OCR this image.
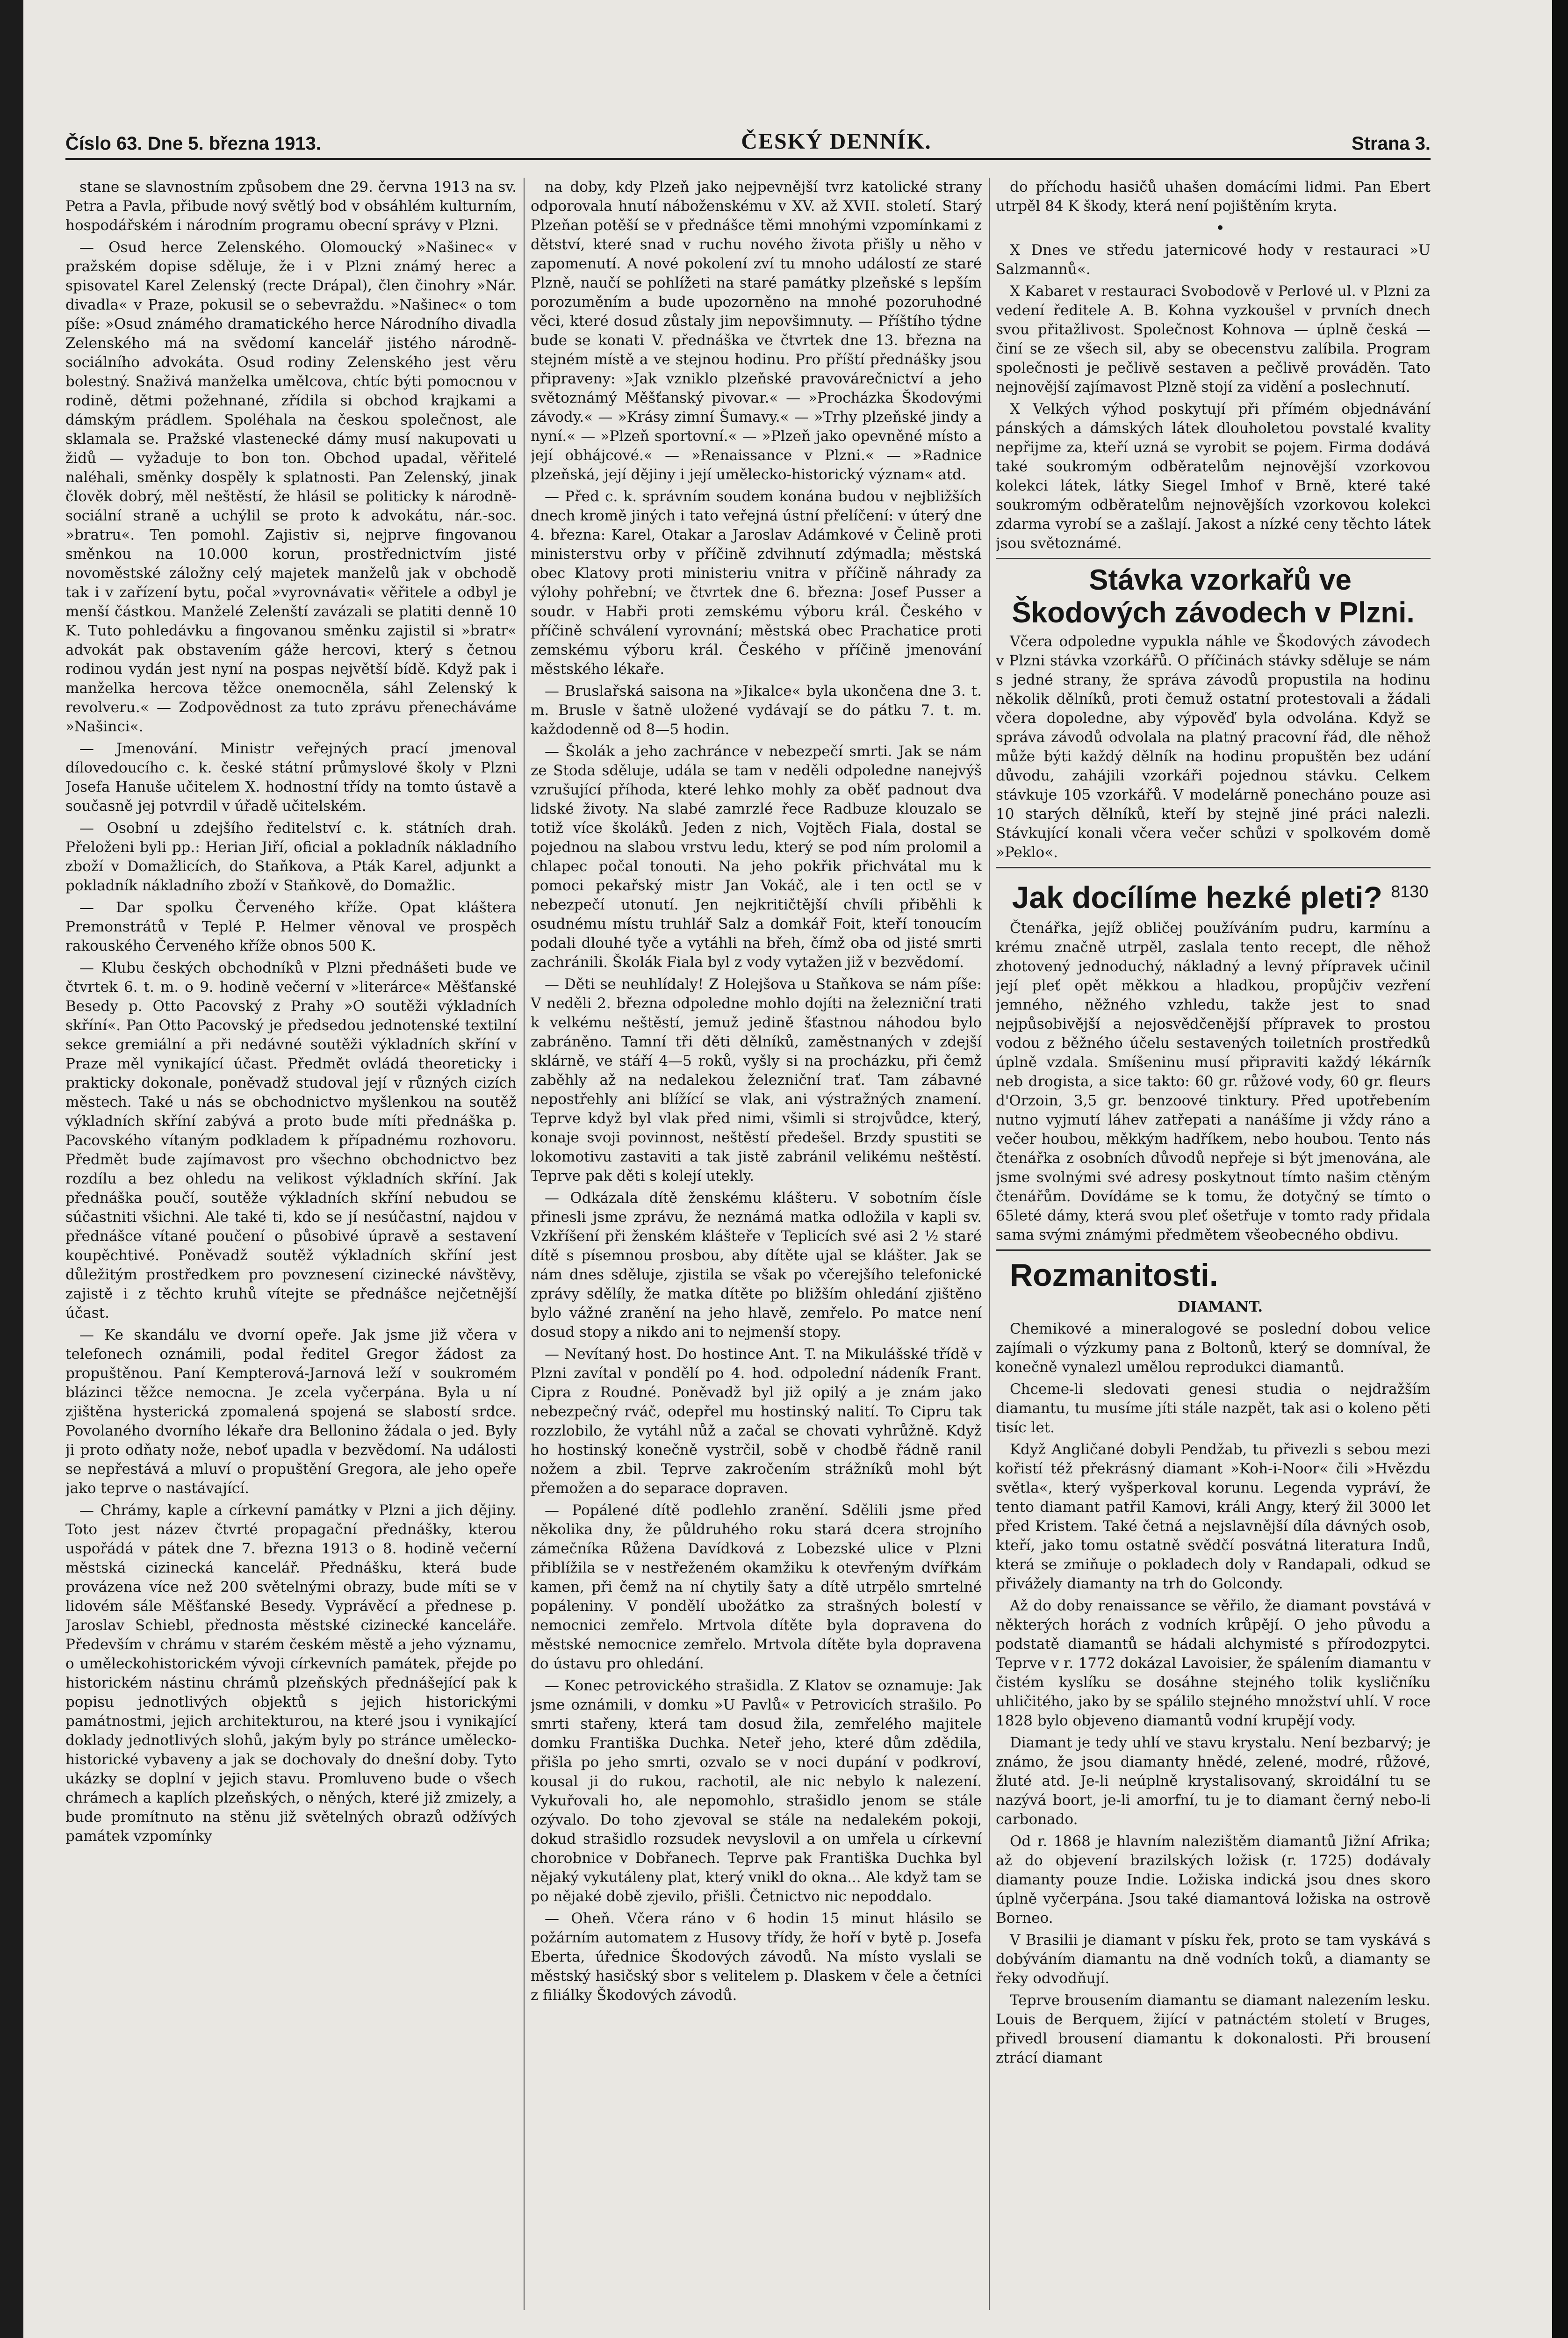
Číslo 63. Dne 5. března 1913.	ČESKÝ DENNÍK.	Strana 3.

stane se slavnostním způsobem dne 29. června 1913 na sv. Petra a Pavla, přibude nový světlý bod v obsáhlém kulturním, hospodářském i národním programu obecní správy v Plzni.

— Osud herce Zelenského. Olomoucký »Našinec« v pražském dopise sděluje, že i v Plzni známý herec a spisovatel Karel Zelenský (recte Drápal), člen činohry »Nár. divadla« v Praze, pokusil se o sebevraždu. »Našinec« o tom píše: »Osud známého dramatického herce Národního divadla Zelenského má na svědomí kancelář jistého národně-sociálního advokáta. Osud rodiny Zelenského jest věru bolestný. Snaživá manželka umělcova, chtíc býti pomocnou v rodině, dětmi požehnané, zřídila si obchod krajkami a dámským prádlem. Spoléhala na českou společnost, ale sklamala se. Pražské vlastenecké dámy musí nakupovati u židů — vyžaduje to bon ton. Obchod upadal, věřitelé naléhali, směnky dospěly k splatnosti. Pan Zelenský, jinak člověk dobrý, měl neštěstí, že hlásil se politicky k národně-sociální straně a uchýlil se proto k advokátu, nár.-soc. »bratru«. Ten pomohl. Zajistiv si, nejprve fingovanou směnkou na 10.000 korun, prostřednictvím jisté novoměstské záložny celý majetek manželů jak v obchodě tak i v zařízení bytu, počal »vyrovnávati« věřitele a odbyl je menší částkou. Manželé Zelenští zavázali se platiti denně 10 K. Tuto pohledávku a fingovanou směnku zajistil si »bratr« advokát pak obstavením gáže hercovi, který s četnou rodinou vydán jest nyní na pospas největší bídě. Když pak i manželka hercova těžce onemocněla, sáhl Zelenský k revolveru.« — Zodpovědnost za tuto zprávu přenecháváme »Našinci«.

— Jmenování. Ministr veřejných prací jmenoval dílovedoucího c. k. české státní průmyslové školy v Plzni Josefa Hanuše učitelem X. hodnostní třídy na tomto ústavě a současně jej potvrdil v úřadě učitelském.

— Osobní u zdejšího ředitelství c. k. státních drah. Přeloženi byli pp.: Herian Jiří, oficial a pokladník nákladního zboží v Domažlicích, do Staňkova, a Pták Karel, adjunkt a pokladník nákladního zboží v Staňkově, do Domažlic.

— Dar spolku Červeného kříže. Opat kláštera Premonstrátů v Teplé P. Helmer věnoval ve prospěch rakouského Červeného kříže obnos 500 K.

— Klubu českých obchodníků v Plzni přednášeti bude ve čtvrtek 6. t. m. o 9. hodině večerní v »literárce« Měšťanské Besedy p. Otto Pacovský z Prahy »O soutěži výkladních skříní«. Pan Otto Pacovský je předsedou jednotenské textilní sekce gremiální a při nedávné soutěži výkladních skříní v Praze měl vynikající účast. Předmět ovládá theoreticky i prakticky dokonale, poněvadž studoval její v různých cizích městech. Také u nás se obchodnictvo myšlenkou na soutěž výkladních skříní zabývá a proto bude míti přednáška p. Pacovského vítaným podkladem k případnému rozhovoru. Předmět bude zajímavost pro všechno obchodnictvo bez rozdílu a bez ohledu na velikost výkladních skříní. Jak přednáška poučí, soutěže výkladních skříní nebudou se súčastniti všichni. Ale také ti, kdo se jí nesúčastní, najdou v přednášce vítané poučení o působivé úpravě a sestavení koupěchtivé. Poněvadž soutěž výkladních skříní jest důležitým prostředkem pro povznesení cizinecké návštěvy, zajistě i z těchto kruhů vítejte se přednášce nejčetnější účast.

— Ke skandálu ve dvorní opeře. Jak jsme již včera v telefonech oznámili, podal ředitel Gregor žádost za propuštěnou. Paní Kempterová-Jarnová leží v soukromém blázinci těžce nemocna. Je zcela vyčerpána. Byla u ní zjištěna hysterická zpomalená spojená se slabostí srdce. Povolaného dvorního lékaře dra Bellonino žádala o jed. Byly ji proto odňaty nože, neboť upadla v bezvědomí. Na události se nepřestává a mluví o propuštění Gregora, ale jeho opeře jako teprve o nastávající.

— Chrámy, kaple a církevní památky v Plzni a jich dějiny. Toto jest název čtvrté propagační přednášky, kterou uspořádá v pátek dne 7. března 1913 o 8. hodině večerní městská cizinecká kancelář. Přednášku, která bude provázena více než 200 světelnými obrazy, bude míti se v lidovém sále Měšťanské Besedy. Vyprávěcí a přednese p. Jaroslav Schiebl, přednosta městské cizinecké kanceláře. Především v chrámu v starém českém městě a jeho významu, o uměleckohistorickém vývoji církevních památek, přejde po historickém nástinu chrámů plzeňských přednášející pak k popisu jednotlivých objektů s jejich historickými památnostmi, jejich architekturou, na které jsou i vynikající doklady jednotlivých slohů, jakým byly po stránce umělecko-historické vybaveny a jak se dochovaly do dnešní doby. Tyto ukázky se doplní v jejich stavu. Promluveno bude o všech chrámech a kaplích plzeňských, o něných, které již zmizely, a bude promítnuto na stěnu již světelných obrazů odžívých památek vzpomínky

na doby, kdy Plzeň jako nejpevnější tvrz katolické strany odporovala hnutí náboženskému v XV. až XVII. století. Starý Plzeňan potěší se v přednášce těmi mnohými vzpomínkami z dětství, které snad v ruchu nového života přišly u něho v zapomenutí. A nové pokolení zví tu mnoho událostí ze staré Plzně, naučí se pohlížeti na staré památky plzeňské s lepším porozuměním a bude upozorněno na mnohé pozoruhodné věci, které dosud zůstaly jim nepovšimnuty. — Příštího týdne bude se konati V. přednáška ve čtvrtek dne 13. března na stejném místě a ve stejnou hodinu. Pro příští přednášky jsou připraveny: »Jak vzniklo plzeňské pravovárečnictví a jeho světoznámý Měšťanský pivovar.« — »Procházka Škodovými závody.« — »Krásy zimní Šumavy.« — »Trhy plzeňské jindy a nyní.« — »Plzeň sportovní.« — »Plzeň jako opevněné místo a její obhájcové.« — »Renaissance v Plzni.« — »Radnice plzeňská, její dějiny i její umělecko-historický význam« atd.

— Před c. k. správním soudem konána budou v nejbližších dnech kromě jiných i tato veřejná ústní přelíčení: v úterý dne 4. března: Karel, Otakar a Jaroslav Adámkové v Čelině proti ministerstvu orby v příčině zdvihnutí zdýmadla; městská obec Klatovy proti ministeriu vnitra v příčině náhrady za výlohy pohřební; ve čtvrtek dne 6. března: Josef Pusser a soudr. v Habři proti zemskému výboru král. Českého v příčině schválení vyrovnání; městská obec Prachatice proti zemskému výboru král. Českého v příčině jmenování městského lékaře.

— Bruslařská saisona na »Jikalce« byla ukončena dne 3. t. m. Brusle v šatně uložené vydávají se do pátku 7. t. m. každodenně od 8—5 hodin.

— Školák a jeho zachránce v nebezpečí smrti. Jak se nám ze Stoda sděluje, udála se tam v neděli odpoledne nanejvýš vzrušující příhoda, které lehko mohly za oběť padnout dva lidské životy. Na slabé zamrzlé řece Radbuze klouzalo se totiž více školáků. Jeden z nich, Vojtěch Fiala, dostal se pojednou na slabou vrstvu ledu, který se pod ním prolomil a chlapec počal tonouti. Na jeho pokřik přichvátal mu k pomoci pekařský mistr Jan Vokáč, ale i ten octl se v nebezpečí utonutí. Jen nejkritičtější chvíli přiběhli k osudnému místu truhlář Salz a domkář Foit, kteří tonoucím podali dlouhé tyče a vytáhli na břeh, čímž oba od jisté smrti zachránili. Školák Fiala byl z vody vytažen již v bezvědomí.

— Děti se neuhlídaly! Z Holejšova u Staňkova se nám píše: V neděli 2. března odpoledne mohlo dojíti na železniční trati k velkému neštěstí, jemuž jedině šťastnou náhodou bylo zabráněno. Tamní tři děti dělníků, zaměstnaných v zdejší sklárně, ve stáří 4—5 roků, vyšly si na procházku, při čemž zaběhly až na nedalekou železniční trať. Tam zábavné nepostřehly ani blížící se vlak, ani výstražných znamení. Teprve když byl vlak před nimi, všimli si strojvůdce, který, konaje svoji povinnost, neštěstí předešel. Brzdy spustiti se lokomotivu zastaviti a tak jistě zabránil velikému neštěstí. Teprve pak děti s kolejí utekly.

— Odkázala dítě ženskému klášteru. V sobotním čísle přinesli jsme zprávu, že neznámá matka odložila v kapli sv. Vzkříšení při ženském klášteře v Teplicích své asi 2 ½ staré dítě s písemnou prosbou, aby dítěte ujal se klášter. Jak se nám dnes sděluje, zjistila se však po včerejšího telefonické zprávy sdělíly, že matka dítěte po bližším ohledání zjištěno bylo vážné zranění na jeho hlavě, zemřelo. Po matce není dosud stopy a nikdo ani to nejmenší stopy.

— Nevítaný host. Do hostince Ant. T. na Mikulášské třídě v Plzni zavítal v pondělí po 4. hod. odpolední nádeník Frant. Cipra z Roudné. Poněvadž byl již opilý a je znám jako nebezpečný rváč, odepřel mu hostinský nalití. To Cipru tak rozzlobilo, že vytáhl nůž a začal se chovati vyhrůžně. Když ho hostinský konečně vystrčil, sobě v chodbě řádně ranil nožem a zbil. Teprve zakročením strážníků mohl být přemožen a do separace dopraven.

— Popálené dítě podlehlo zranění. Sdělili jsme před několika dny, že půldruhého roku stará dcera strojního zámečníka Růžena Davídková z Lobezské ulice v Plzni přiblížila se v nestřeženém okamžiku k otevřeným dvířkám kamen, při čemž na ní chytily šaty a dítě utrpělo smrtelné popáleniny. V pondělí ubožátko za strašných bolestí v nemocnici zemřelo. Mrtvola dítěte byla dopravena do městské nemocnice zemřelo. Mrtvola dítěte byla dopravena do ústavu pro ohledání.

— Konec petrovického strašidla. Z Klatov se oznamuje: Jak jsme oznámili, v domku »U Pavlů« v Petrovicích strašilo. Po smrti stařeny, která tam dosud žila, zemřelého majitele domku Františka Duchka. Neteř jeho, které dům zdědila, přišla po jeho smrti, ozvalo se v noci dupání v podkroví, kousal ji do rukou, rachotil, ale nic nebylo k nalezení. Vykuřovali ho, ale nepomohlo, strašidlo jenom se stále ozývalo. Do toho zjevoval se stále na nedalekém pokoji, dokud strašidlo rozsudek nevyslovil a on umřela u církevní chorobnice v Dobřanech. Teprve pak Františka Duchka byl nějaký vykutáleny plat, který vnikl do okna... Ale když tam se po nějaké době zjevilo, přišli. Četnictvo nic nepoddalo.

— Oheň. Včera ráno v 6 hodin 15 minut hlásilo se požárním automatem z Husovy třídy, že hoří v bytě p. Josefa Eberta, úřednice Škodových závodů. Na místo vyslali se městský hasičský sbor s velitelem p. Dlaskem v čele a četníci z filiálky Škodových závodů.

do příchodu hasičů uhašen domácími lidmi. Pan Ebert utrpěl 84 K škody, která není pojištěním kryta.

•

X Dnes ve středu jaternicové hody v restauraci »U Salzmannů«.

X Kabaret v restauraci Svobodově v Perlové ul. v Plzni za vedení ředitele A. B. Kohna vyzkoušel v prvních dnech svou přitažlivost. Společnost Kohnova — úplně česká — činí se ze všech sil, aby se obecenstvu zalíbila. Program společnosti je pečlivě sestaven a pečlivě prováděn. Tato nejnovější zajímavost Plzně stojí za vidění a poslechnutí.

X Velkých výhod poskytují při přímém objednávání pánských a dámských látek dlouholetou povstalé kvality nepřijme za, kteří uzná se vyrobit se pojem. Firma dodává také soukromým odběratelům nejnovější vzorkovou kolekci látek, látky Siegel Imhof v Brně, které také soukromým odběratelům nejnovějších vzorkovou kolekci zdarma vyrobí se a zašlají. Jakost a nízké ceny těchto látek jsou světoznámé.

Stávka vzorkařů ve Škodových závodech v Plzni.

Včera odpoledne vypukla náhle ve Škodových závodech v Plzni stávka vzorkářů. O příčinách stávky sděluje se nám s jedné strany, že správa závodů propustila na hodinu několik dělníků, proti čemuž ostatní protestovali a žádali včera dopoledne, aby výpověď byla odvolána. Když se správa závodů odvolala na platný pracovní řád, dle něhož může býti každý dělník na hodinu propuštěn bez udání důvodu, zahájili vzorkáři pojednou stávku. Celkem stávkuje 105 vzorkářů. V modelárně ponecháno pouze asi 10 starých dělníků, kteří by stejně jiné práci nalezli. Stávkující konali včera večer schůzi v spolkovém domě »Peklo«.

Jak docílíme hezké pleti? $^{8130}$

Čtenářka, jejíž obličej používáním pudru, karmínu a krému značně utrpěl, zaslala tento recept, dle něhož zhotovený jednoduchý, nákladný a levný přípravek učinil její pleť opět měkkou a hladkou, propůjčiv vezření jemného, něžného vzhledu, takže jest to snad nejpůsobivější a nejosvědčenější přípravek to prostou vodou z běžného účelu sestavených toiletních prostředků úplně vzdala. Smíšeninu musí připraviti každý lékárník neb drogista, a sice takto: 60 gr. růžové vody, 60 gr. fleurs d'Orzoin, 3,5 gr. benzoové tinktury. Před upotřebením nutno vyjmutí láhev zatřepati a nanášíme ji vždy ráno a večer houbou, měkkým hadříkem, nebo houbou. Tento nás čtenářka z osobních důvodů nepřeje si být jmenována, ale jsme svolnými své adresy poskytnout tímto našim ctěným čtenářům. Dovídáme se k tomu, že dotyčný se tímto o 65leté dámy, která svou pleť ošetřuje v tomto rady přidala sama svými známými předmětem všeobecného obdivu.

Rozmanitosti.

DIAMANT.

Chemikové a mineralogové se poslední dobou velice zajímali o výzkumy pana z Boltonů, který se domníval, že konečně vynalezl umělou reprodukci diamantů.

Chceme-li sledovati genesi studia o nejdražším diamantu, tu musíme jíti stále nazpět, tak asi o koleno pěti tisíc let.

Když Angličané dobyli Pendžab, tu přivezli s sebou mezi kořistí též překrásný diamant »Koh-i-Noor« čili »Hvězdu světla«, který vyšperkoval korunu. Legenda vypráví, že tento diamant patřil Kamovi, králi Angy, který žil 3000 let před Kristem. Také četná a nejslavnější díla dávných osob, kteří, jako tomu ostatně svědčí posvátná literatura Indů, která se zmiňuje o pokladech doly v Randapali, odkud se přivážely diamanty na trh do Golcondy.

Až do doby renaissance se věřilo, že diamant povstává v některých horách z vodních krůpějí. O jeho původu a podstatě diamantů se hádali alchymisté s přírodozpytci. Teprve v r. 1772 dokázal Lavoisier, že spálením diamantu v čistém kyslíku se dosáhne stejného tolik kysličníku uhličitého, jako by se spálilo stejného množství uhlí. V roce 1828 bylo objeveno diamantů vodní krupějí vody.

Diamant je tedy uhlí ve stavu krystalu. Není bezbarvý; je známo, že jsou diamanty hnědé, zelené, modré, růžové, žluté atd. Je-li neúplně krystalisovaný, skroidální tu se nazývá boort, je-li amorfní, tu je to diamant černý nebo-li carbonado.

Od r. 1868 je hlavním nalezištěm diamantů Jižní Afrika; až do objevení brazilských ložisk (r. 1725) dodávaly diamanty pouze Indie. Ložiska indická jsou dnes skoro úplně vyčerpána. Jsou také diamantová ložiska na ostrově Borneo.

V Brasilii je diamant v písku řek, proto se tam vyskává s dobýváním diamantu na dně vodních toků, a diamanty se řeky odvodňují.

Teprve brousením diamantu se diamant nalezením lesku. Louis de Berquem, žijící v patnáctém století v Bruges, přivedl brousení diamantu k dokonalosti. Při brousení ztrácí diamant
